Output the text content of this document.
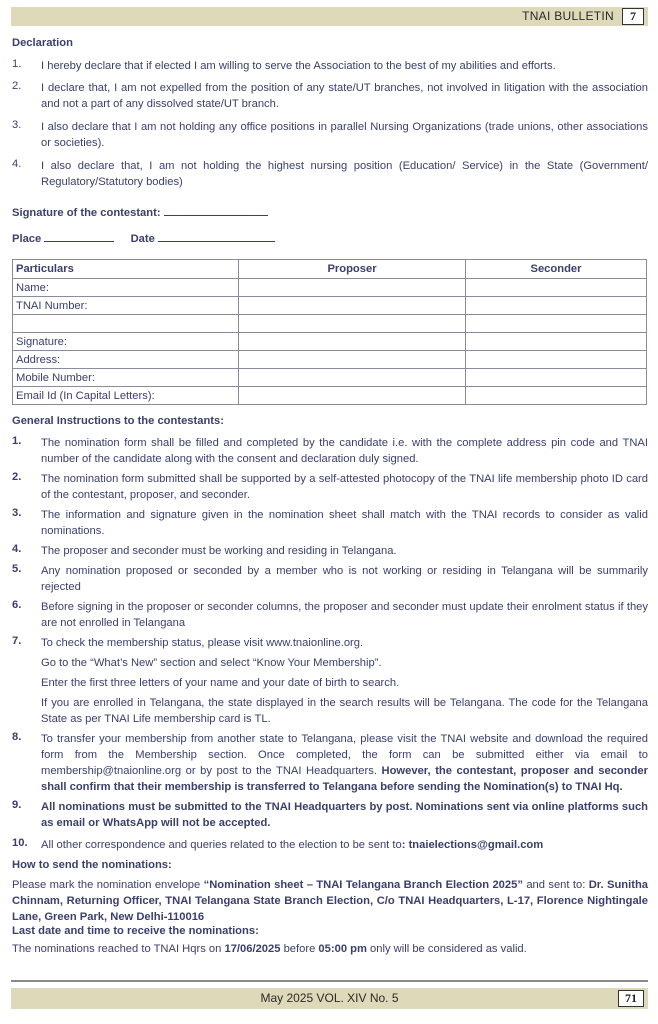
TNAI BULLETIN	7
Declaration
1. I hereby declare that if elected I am willing to serve the Association to the best of my abilities and efforts.
2. I declare that, I am not expelled from the position of any state/UT branches, not involved in litigation with the association and not a part of any dissolved state/UT branch.
3. I also declare that I am not holding any office positions in parallel Nursing Organizations (trade unions, other associations or societies).
4. I also declare that, I am not holding the highest nursing position (Education/ Service) in the State (Government/ Regulatory/Statutory bodies)
Signature of the contestant:
Place	Date
Particulars	Proposer	Seconder
Name:		
TNAI Number:		

Signature:		
Address:		
Mobile Number:		
Email Id (In Capital Letters):		
General Instructions to the contestants:
1. The nomination form shall be filled and completed by the candidate i.e. with the complete address pin code and TNAI number of the candidate along with the consent and declaration duly signed.
2. The nomination form submitted shall be supported by a self-attested photocopy of the TNAI life membership photo ID card of the contestant, proposer, and seconder.
3. The information and signature given in the nomination sheet shall match with the TNAI records to consider as valid nominations.
4. The proposer and seconder must be working and residing in Telangana.
5. Any nomination proposed or seconded by a member who is not working or residing in Telangana will be summarily rejected
6. Before signing in the proposer or seconder columns, the proposer and seconder must update their enrolment status if they are not enrolled in Telangana
7. To check the membership status, please visit www.tnaionline.org.
Go to the “What’s New” section and select “Know Your Membership”.
Enter the first three letters of your name and your date of birth to search.
If you are enrolled in Telangana, the state displayed in the search results will be Telangana. The code for the Telangana State as per TNAI Life membership card is TL.
8. To transfer your membership from another state to Telangana, please visit the TNAI website and download the required form from the Membership section. Once completed, the form can be submitted either via email to membership@tnaionline.org or by post to the TNAI Headquarters. However, the contestant, proposer and seconder shall confirm that their membership is transferred to Telangana before sending the Nomination(s) to TNAI Hq.
9. All nominations must be submitted to the TNAI Headquarters by post. Nominations sent via online platforms such as email or WhatsApp will not be accepted.
10. All other correspondence and queries related to the election to be sent to: tnaielections@gmail.com
How to send the nominations:
Please mark the nomination envelope “Nomination sheet – TNAI Telangana Branch Election 2025” and sent to: Dr. Sunitha Chinnam, Returning Officer, TNAI Telangana State Branch Election, C/o TNAI Headquarters, L-17, Florence Nightingale Lane, Green Park, New Delhi-110016
Last date and time to receive the nominations:
The nominations reached to TNAI Hqrs on 17/06/2025 before 05:00 pm only will be considered as valid.
May 2025 VOL. XIV No. 5	71
